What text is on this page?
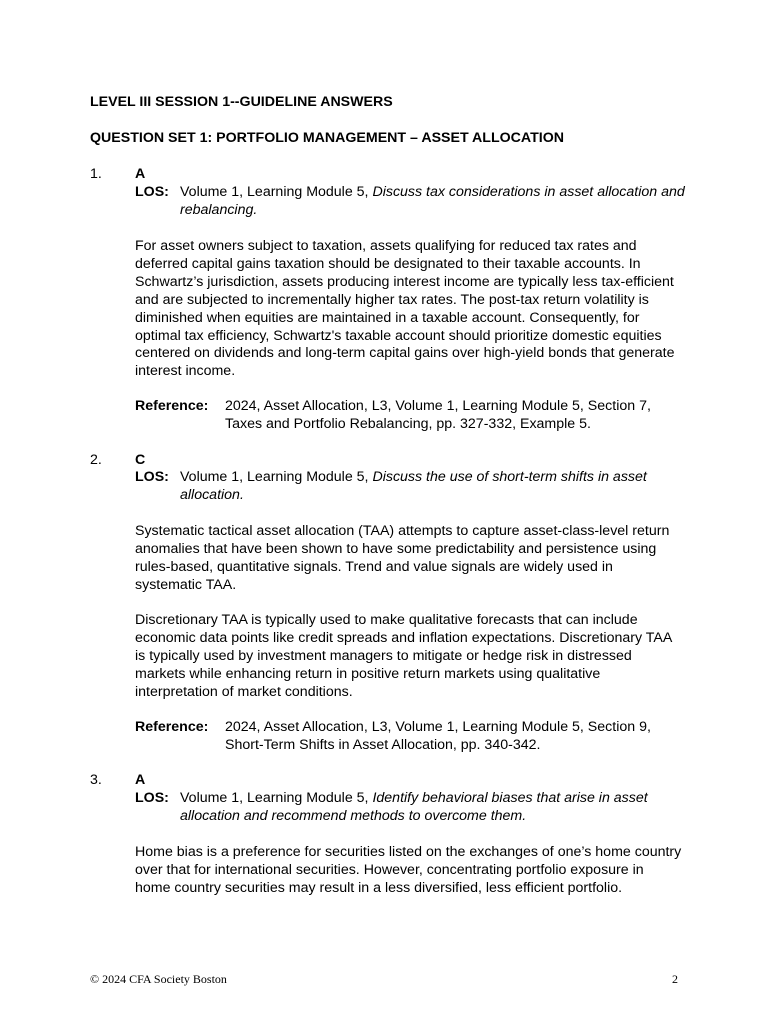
LEVEL III SESSION 1--GUIDELINE ANSWERS
QUESTION SET 1: PORTFOLIO MANAGEMENT – ASSET ALLOCATION
1. A
LOS: Volume 1, Learning Module 5, Discuss tax considerations in asset allocation and rebalancing.
For asset owners subject to taxation, assets qualifying for reduced tax rates and deferred capital gains taxation should be designated to their taxable accounts. In Schwartz’s jurisdiction, assets producing interest income are typically less tax-efficient and are subjected to incrementally higher tax rates. The post-tax return volatility is diminished when equities are maintained in a taxable account. Consequently, for optimal tax efficiency, Schwartz's taxable account should prioritize domestic equities centered on dividends and long-term capital gains over high-yield bonds that generate interest income.
Reference: 2024, Asset Allocation, L3, Volume 1, Learning Module 5, Section 7, Taxes and Portfolio Rebalancing, pp. 327-332, Example 5.
2. C
LOS: Volume 1, Learning Module 5, Discuss the use of short-term shifts in asset allocation.
Systematic tactical asset allocation (TAA) attempts to capture asset-class-level return anomalies that have been shown to have some predictability and persistence using rules-based, quantitative signals. Trend and value signals are widely used in systematic TAA.
Discretionary TAA is typically used to make qualitative forecasts that can include economic data points like credit spreads and inflation expectations. Discretionary TAA is typically used by investment managers to mitigate or hedge risk in distressed markets while enhancing return in positive return markets using qualitative interpretation of market conditions.
Reference: 2024, Asset Allocation, L3, Volume 1, Learning Module 5, Section 9, Short-Term Shifts in Asset Allocation, pp. 340-342.
3. A
LOS: Volume 1, Learning Module 5, Identify behavioral biases that arise in asset allocation and recommend methods to overcome them.
Home bias is a preference for securities listed on the exchanges of one’s home country over that for international securities. However, concentrating portfolio exposure in home country securities may result in a less diversified, less efficient portfolio.
© 2024 CFA Society Boston	2
